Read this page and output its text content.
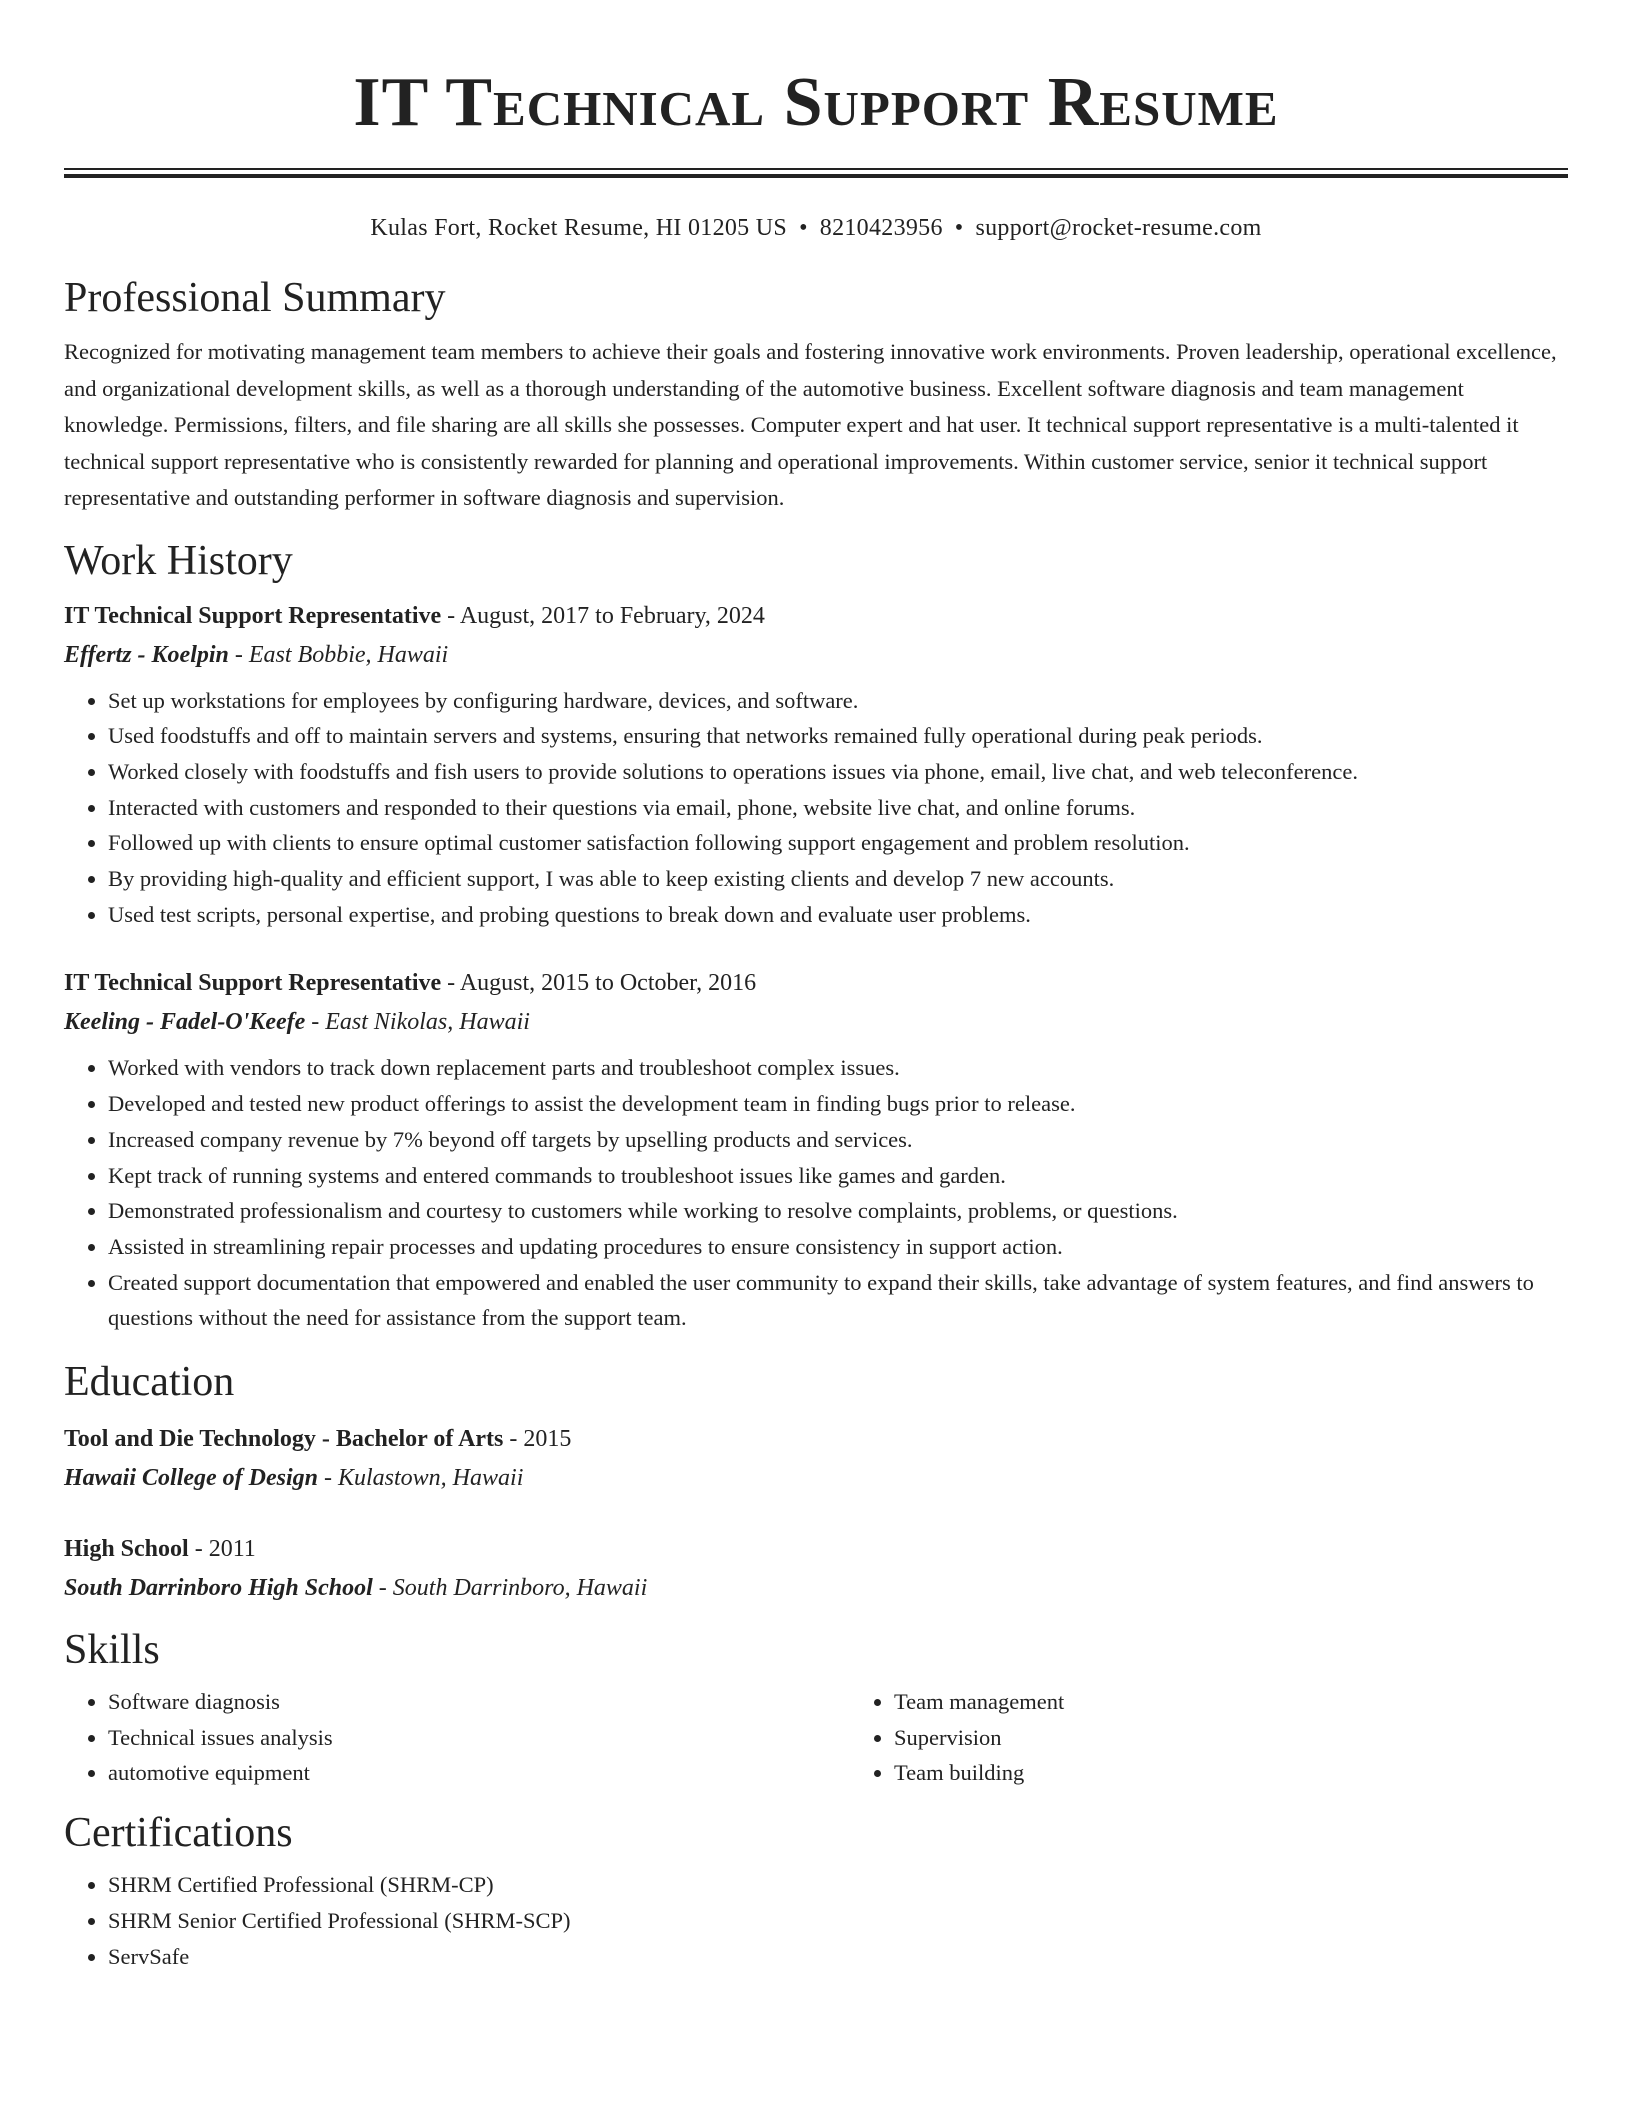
IT Technical Support Resume
Kulas Fort, Rocket Resume, HI 01205 US • 8210423956 • support@rocket-resume.com
Professional Summary

Recognized for motivating management team members to achieve their goals and fostering innovative work environments. Proven leadership, operational excellence, and organizational development skills, as well as a thorough understanding of the automotive business. Excellent software diagnosis and team management knowledge. Permissions, filters, and file sharing are all skills she possesses. Computer expert and hat user. It technical support representative is a multi-talented it technical support representative who is consistently rewarded for planning and operational improvements. Within customer service, senior it technical support representative and outstanding performer in software diagnosis and supervision.

Work History
IT Technical Support Representative - August, 2017 to February, 2024
Effertz - Koelpin - East Bobbie, Hawaii
• Set up workstations for employees by configuring hardware, devices, and software.
• Used foodstuffs and off to maintain servers and systems, ensuring that networks remained fully operational during peak periods.
• Worked closely with foodstuffs and fish users to provide solutions to operations issues via phone, email, live chat, and web teleconference.
• Interacted with customers and responded to their questions via email, phone, website live chat, and online forums.
• Followed up with clients to ensure optimal customer satisfaction following support engagement and problem resolution.
• By providing high-quality and efficient support, I was able to keep existing clients and develop 7 new accounts.
• Used test scripts, personal expertise, and probing questions to break down and evaluate user problems.
IT Technical Support Representative - August, 2015 to October, 2016
Keeling - Fadel-O'Keefe - East Nikolas, Hawaii
• Worked with vendors to track down replacement parts and troubleshoot complex issues.
• Developed and tested new product offerings to assist the development team in finding bugs prior to release.
• Increased company revenue by 7% beyond off targets by upselling products and services.
• Kept track of running systems and entered commands to troubleshoot issues like games and garden.
• Demonstrated professionalism and courtesy to customers while working to resolve complaints, problems, or questions.
• Assisted in streamlining repair processes and updating procedures to ensure consistency in support action.
• Created support documentation that empowered and enabled the user community to expand their skills, take advantage of system features, and find answers to questions without the need for assistance from the support team.
Education
Tool and Die Technology - Bachelor of Arts - 2015
Hawaii College of Design - Kulastown, Hawaii
High School - 2011
South Darrinboro High School - South Darrinboro, Hawaii
Skills
• Software diagnosis
• Technical issues analysis
• automotive equipment
• Team management
• Supervision
• Team building
Certifications
• SHRM Certified Professional (SHRM-CP)
• SHRM Senior Certified Professional (SHRM-SCP)
• ServSafe
